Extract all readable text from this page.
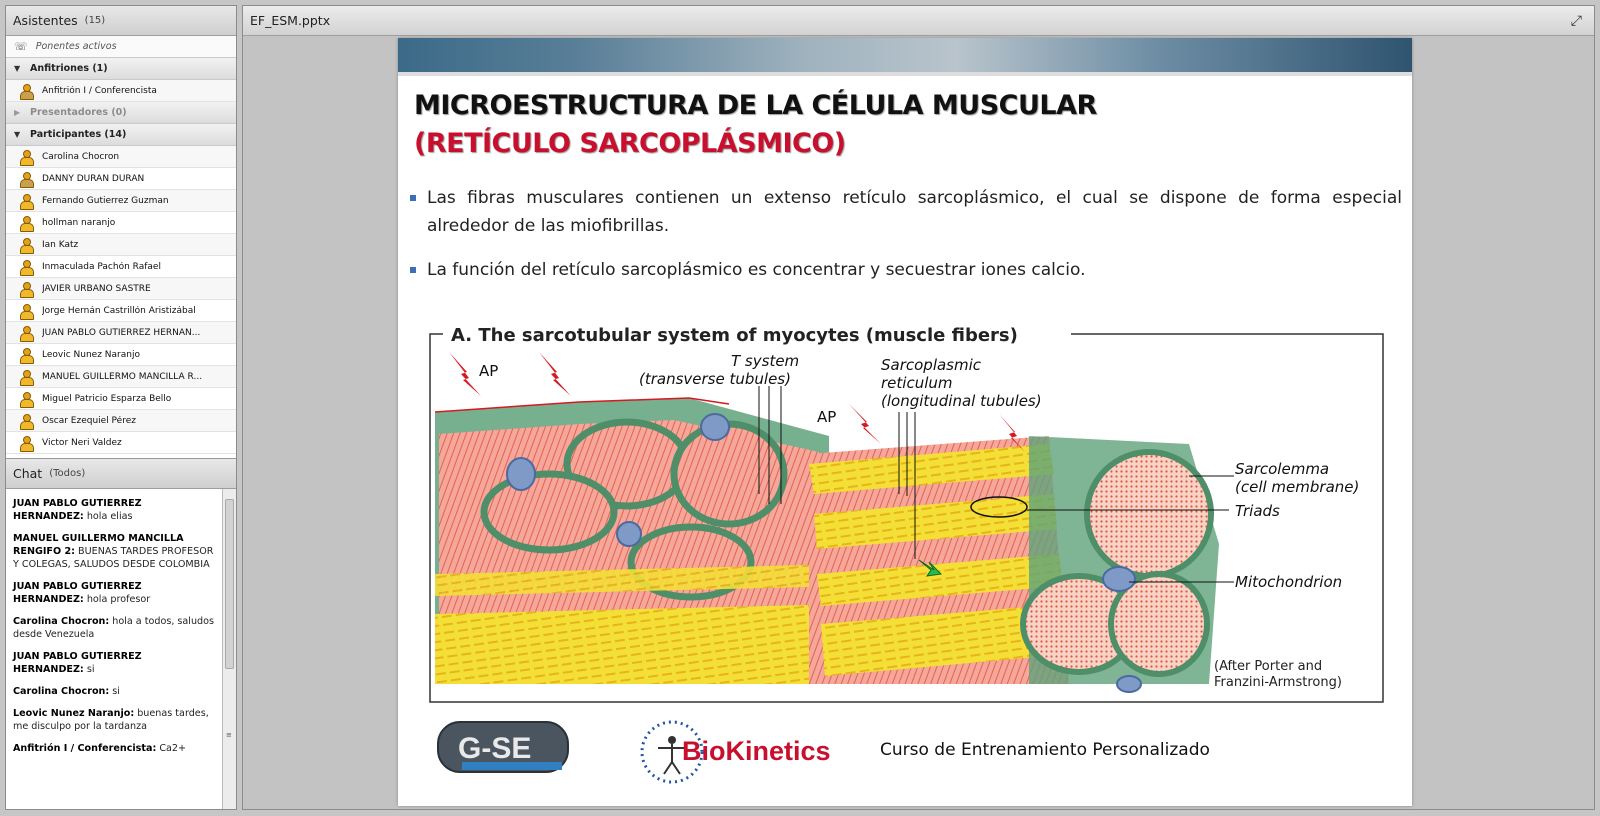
Asistentes (15)
☏ Ponentes activos
▼ Anfitriones (1)
Anfitrión I / Conferencista
▶ Presentadores (0)
▼ Participantes (14)
Carolina Chocron
DANNY DURAN DURAN
Fernando Gutierrez Guzman
hollman naranjo
Ian Katz
Inmaculada Pachón Rafael
JAVIER URBANO SASTRE
Jorge Hernán Castrillón Aristizábal
JUAN PABLO GUTIERREZ HERNAN...
Leovic Nunez Naranjo
MANUEL GUILLERMO MANCILLA R...
Miguel Patricio Esparza Bello
Oscar Ezequiel Pérez
Victor Neri Valdez
Chat (Todos)
JUAN PABLO GUTIERREZ HERNANDEZ: hola elias
MANUEL GUILLERMO MANCILLA RENGIFO 2: BUENAS TARDES PROFESOR Y COLEGAS, SALUDOS DESDE COLOMBIA
JUAN PABLO GUTIERREZ HERNANDEZ: hola profesor
Carolina Chocron: hola a todos, saludos desde Venezuela
JUAN PABLO GUTIERREZ HERNANDEZ: si
Carolina Chocron: si
Leovic Nunez Naranjo: buenas tardes, me disculpo por la tardanza
Anfitrión I / Conferencista: Ca2+
≡
EF_ESM.pptx	⤢
MICROESTRUCTURA DE LA CÉLULA MUSCULAR
(RETÍCULO SARCOPLÁSMICO)
Las fibras musculares contienen un extenso retículo sarcoplásmico, el cual se dispone de forma especial alrededor de las miofibrillas.
La función del retículo sarcoplásmico es concentrar y secuestrar iones calcio.
A. The sarcotubular system of myocytes (muscle fibers)
AP
AP
T system
(transverse tubules)
Sarcoplasmic
reticulum
(longitudinal tubules)
Sarcolemma
(cell membrane)
Triads
Mitochondrion
(After Porter and
Franzini-Armstrong)
G-SE	BioKinetics	Curso de Entrenamiento Personalizado
